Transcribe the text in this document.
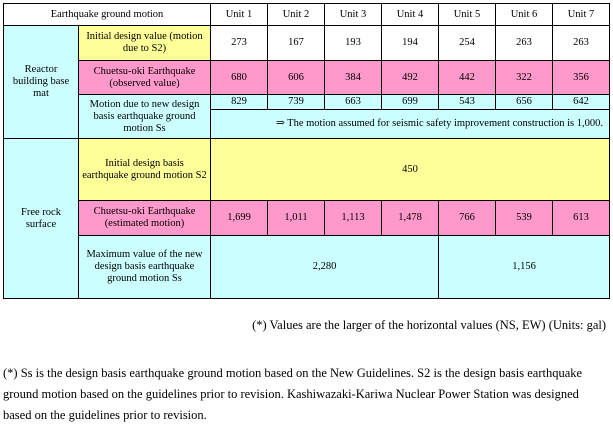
Earthquake ground motion		Unit 1	Unit 2	Unit 3	Unit 4	Unit 5	Unit 6	Unit 7
Reactor building base mat	Initial design value (motion due to S2)	273	167	193	194	254	263	263
	Chuetsu-oki Earthquake (observed value)	680	606	384	492	442	322	356
	Motion due to new design basis earthquake ground motion Ss	829	739	663	699	543	656	642
		⇒ The motion assumed for seismic safety improvement construction is 1,000.						
Free rock surface	Initial design basis earthquake ground motion S2	450						
	Chuetsu-oki Earthquake (estimated motion)	1,699	1,011	1,113	1,478	766	539	613
	Maximum value of the new design basis earthquake ground motion Ss	2,280				1,156		
(*) Values are the larger of the horizontal values (NS, EW) (Units: gal)
(*) Ss is the design basis earthquake ground motion based on the New Guidelines. S2 is the design basis earthquake ground motion based on the guidelines prior to revision. Kashiwazaki-Kariwa Nuclear Power Station was designed based on the guidelines prior to revision.
